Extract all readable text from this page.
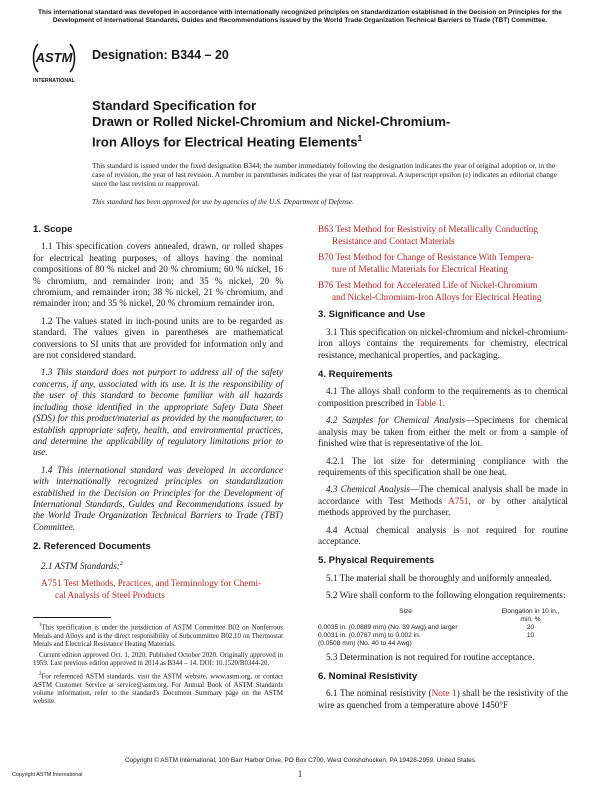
This international standard was developed in accordance with internationally recognized principles on standardization established in the Decision on Principles for the Development of International Standards, Guides and Recommendations issued by the World Trade Organization Technical Barriers to Trade (TBT) Committee.
ASTM
INTERNATIONAL
Designation: B344 – 20
Standard Specification for
Drawn or Rolled Nickel-Chromium and Nickel-Chromium-
Iron Alloys for Electrical Heating Elements$^1$
This standard is issued under the fixed designation B344; the number immediately following the designation indicates the year of original adoption or, in the case of revision, the year of last revision. A number in parentheses indicates the year of last reapproval. A superscript epsilon (ε) indicates an editorial change since the last revision or reapproval.
This standard has been approved for use by agencies of the U.S. Department of Defense.
1. Scope

1.1 This specification covers annealed, drawn, or rolled shapes for electrical heating purposes, of alloys having the nominal compositions of 80 % nickel and 20 % chromium; 60 % nickel, 16 % chromium, and remainder iron; and 35 % nickel, 20 % chromium, and remainder iron; 38 % nickel, 21 % chromium, and remainder iron; and 35 % nickel, 20 % chromium remainder iron.

1.2 The values stated in inch-pound units are to be regarded as standard. The values given in parentheses are mathematical conversions to SI units that are provided for information only and are not considered standard.

1.3 This standard does not purport to address all of the safety concerns, if any, associated with its use. It is the responsibility of the user of this standard to become familiar with all hazards including those identified in the appropriate Safety Data Sheet (SDS) for this product/material as provided by the manufacturer, to establish appropriate safety, health, and environmental practices, and determine the applicability of regulatory limitations prior to use.

1.4 This international standard was developed in accordance with internationally recognized principles on standardization established in the Decision on Principles for the Development of International Standards, Guides and Recommendations issued by the World Trade Organization Technical Barriers to Trade (TBT) Committee.

2. Referenced Documents

2.1 ASTM Standards:$^2$

A751 Test Methods, Practices, and Terminology for Chemi-
cal Analysis of Steel Products

$^1$This specification is under the jurisdiction of ASTM Committee B02 on Nonferrous Metals and Alloys and is the direct responsibility of Subcommittee B02.10 on Thermostat Metals and Electrical Resistance Heating Materials.

Current edition approved Oct. 1, 2020. Published October 2020. Originally approved in 1959. Last previous edition approved in 2014 as B344 – 14. DOI: 10.1520/B0344-20.

$^2$For referenced ASTM standards, visit the ASTM website, www.astm.org, or contact ASTM Customer Service at service@astm.org. For Annual Book of ASTM Standards volume information, refer to the standard's Document Summary page on the ASTM website.

B63 Test Method for Resistivity of Metallically Conducting
Resistance and Contact Materials
B70 Test Method for Change of Resistance With Tempera-
ture of Metallic Materials for Electrical Heating
B76 Test Method for Accelerated Life of Nickel-Chromium
and Nickel-Chromium-Iron Alloys for Electrical Heating
3. Significance and Use

3.1 This specification on nickel-chromium and nickel-chromium-iron alloys contains the requirements for chemistry, electrical resistance, mechanical properties, and packaging.

4. Requirements

4.1 The alloys shall conform to the requirements as to chemical composition prescribed in Table 1.

4.2 Samples for Chemical Analysis—Specimens for chemical analysis may be taken from either the melt or from a sample of finished wire that is representative of the lot.

4.2.1 The lot size for determining compliance with the requirements of this specification shall be one heat.

4.3 Chemical Analysis—The chemical analysis shall be made in accordance with Test Methods A751, or by other analytical methods approved by the purchaser.

4.4 Actual chemical analysis is not required for routine acceptance.

5. Physical Requirements

5.1 The material shall be thoroughly and uniformly annealed.

5.2 Wire shall conform to the following elongation requirements:

Size	Elongation in 10 in.,
	min, %
0.0035 in. (0.0889 mm) (No. 39 Awg) and larger	20
0.0031 in. (0.0787 mm) to 0.002 in.	10
(0.0508 mm) (No. 40 to 44 Awg)	

5.3 Determination is not required for routine acceptance.

6. Nominal Resistivity

6.1 The nominal resistivity (Note 1) shall be the resistivity of the wire as quenched from a temperature above 1450°F

Copyright © ASTM International, 100 Barr Harbor Drive, PO Box C700, West Conshohocken, PA 19428-2959. United States
1
Copyright ASTM International
